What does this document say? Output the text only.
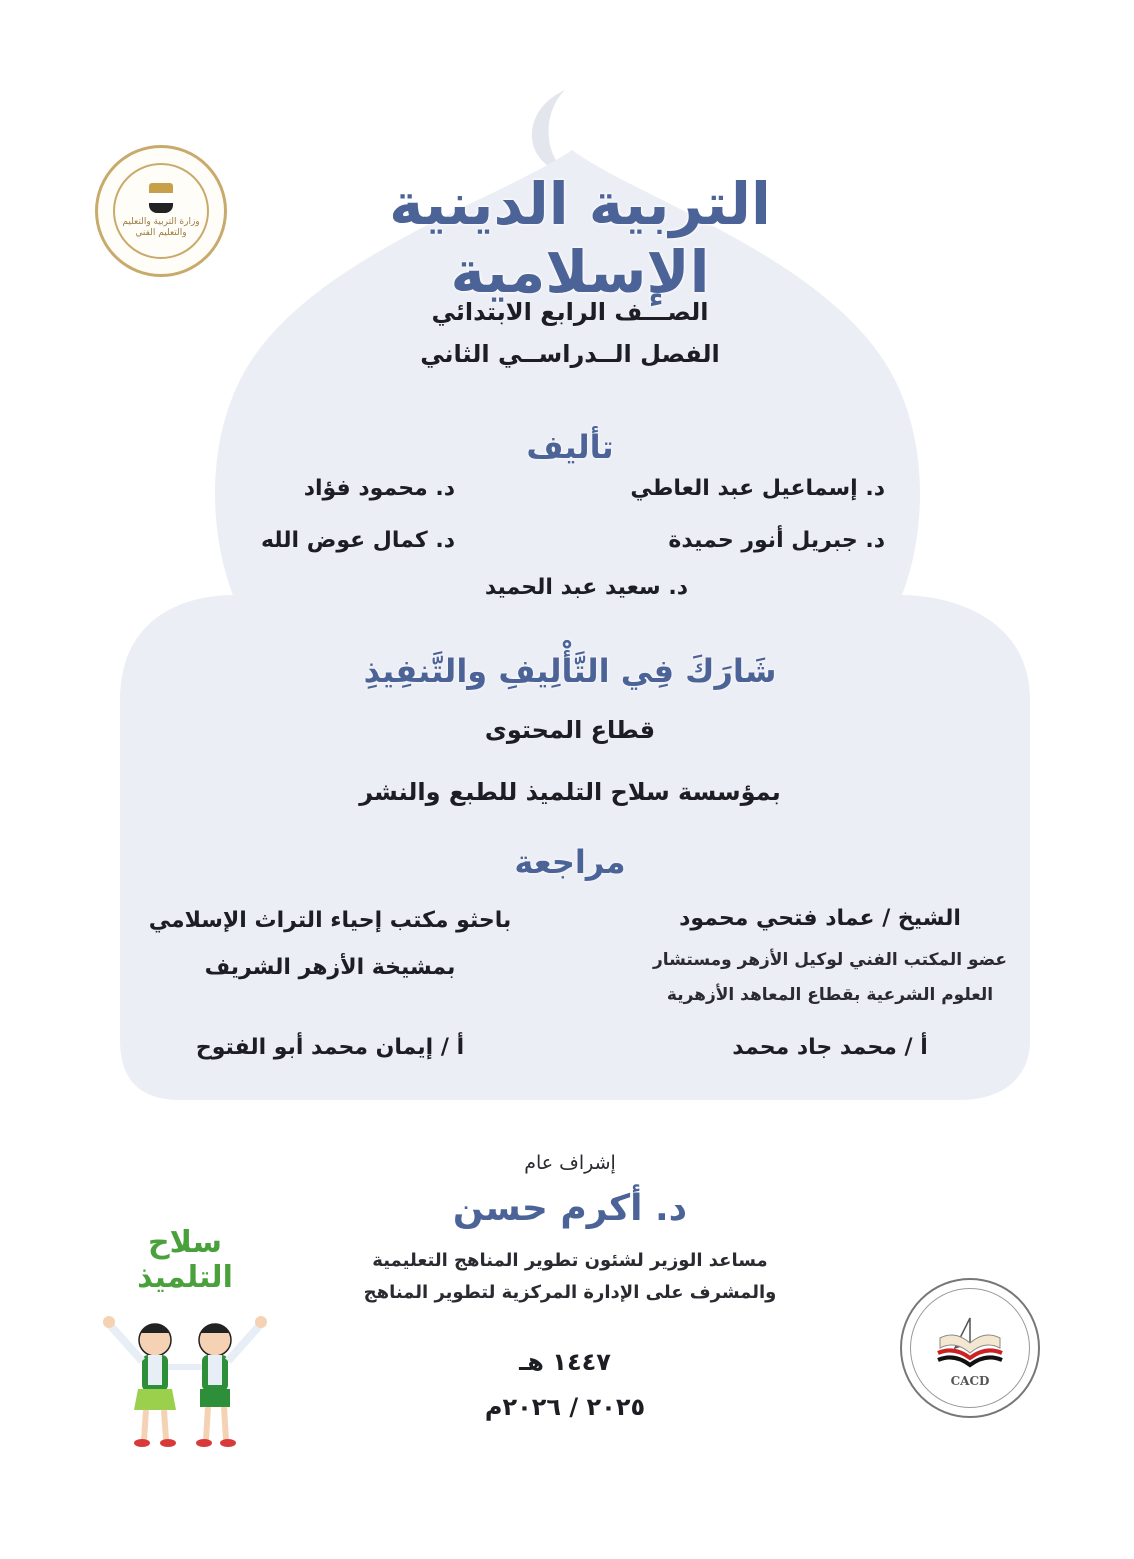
وزارة التربية والتعليم والتعليم الفني	التربية الدينية الإسلامية
الصـــف الرابع الابتدائي
الفصل الــدراســي الثاني
تأليف
د. إسماعيل عبد العاطي
د. محمود فؤاد
د. جبريل أنور حميدة
د. كمال عوض الله
د. سعيد عبد الحميد
شَارَكَ فِي التَّأْلِيفِ والتَّنفِيذِ
قطاع المحتوى
بمؤسسة سلاح التلميذ للطبع والنشر
مراجعة
الشيخ / عماد فتحي محمود
عضو المكتب الفني لوكيل الأزهر ومستشار
العلوم الشرعية بقطاع المعاهد الأزهرية
أ / محمد جاد محمد
باحثو مكتب إحياء التراث الإسلامي
بمشيخة الأزهر الشريف
أ / إيمان محمد أبو الفتوح
إشراف عام
د. أكرم حسن
مساعد الوزير لشئون تطوير المناهج التعليمية
والمشرف على الإدارة المركزية لتطوير المناهج
١٤٤٧ هـ
٢٠٢٥ / ٢٠٢٦م
سلاح التلميذ
CACD
